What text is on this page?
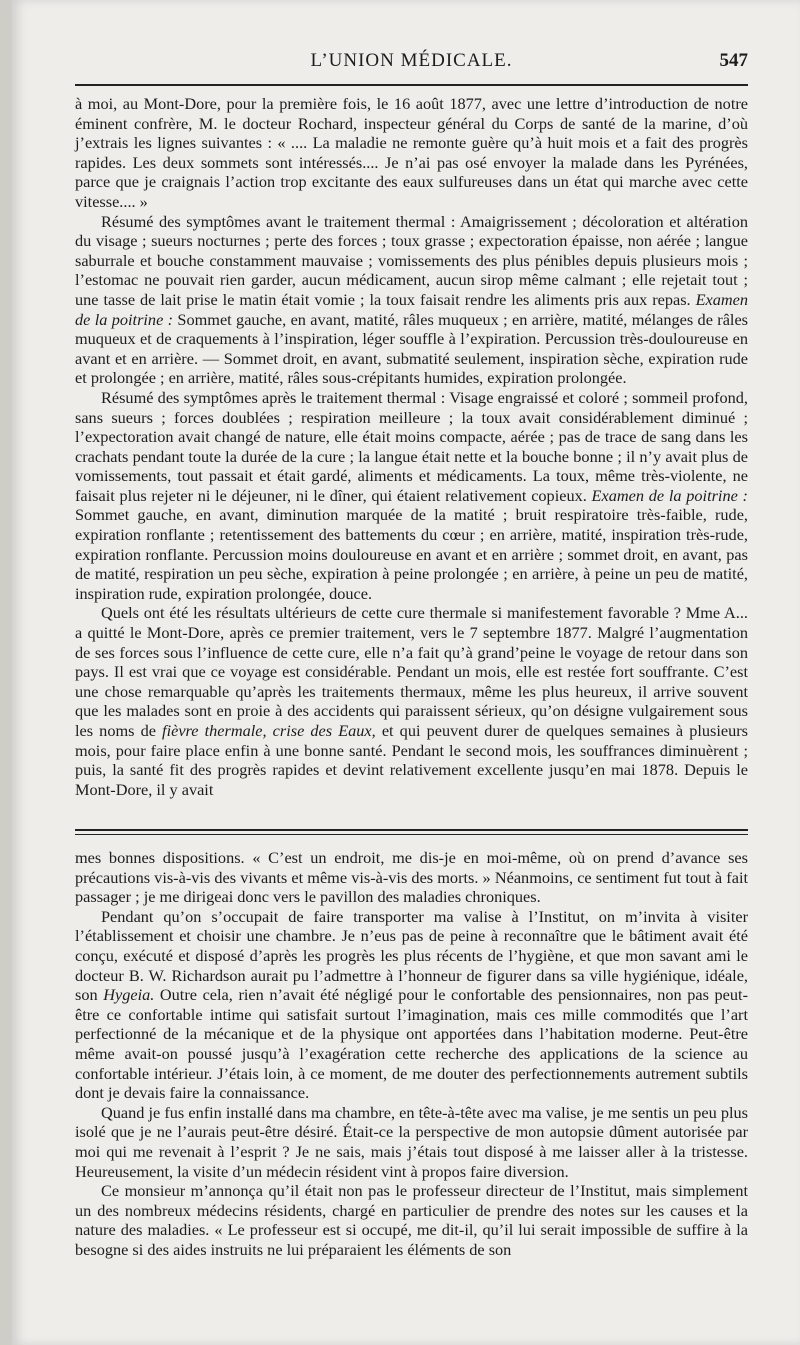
L’UNION MÉDICALE.	547

à moi, au Mont-Dore, pour la première fois, le 16 août 1877, avec une lettre d’introduction de notre éminent confrère, M. le docteur Rochard, inspecteur général du Corps de santé de la marine, d’où j’extrais les lignes suivantes : « .... La maladie ne remonte guère qu’à huit mois et a fait des progrès rapides. Les deux sommets sont intéressés.... Je n’ai pas osé envoyer la malade dans les Pyrénées, parce que je craignais l’action trop excitante des eaux sulfureuses dans un état qui marche avec cette vitesse.... »

Résumé des symptômes avant le traitement thermal : Amaigrissement ; décoloration et altération du visage ; sueurs nocturnes ; perte des forces ; toux grasse ; expectoration épaisse, non aérée ; langue saburrale et bouche constamment mauvaise ; vomissements des plus pénibles depuis plusieurs mois ; l’estomac ne pouvait rien garder, aucun médicament, aucun sirop même calmant ; elle rejetait tout ; une tasse de lait prise le matin était vomie ; la toux faisait rendre les aliments pris aux repas. Examen de la poitrine : Sommet gauche, en avant, matité, râles muqueux ; en arrière, matité, mélanges de râles muqueux et de craquements à l’inspiration, léger souffle à l’expiration. Percussion très-douloureuse en avant et en arrière. — Sommet droit, en avant, submatité seulement, inspiration sèche, expiration rude et prolongée ; en arrière, matité, râles sous-crépitants humides, expiration prolongée.

Résumé des symptômes après le traitement thermal : Visage engraissé et coloré ; sommeil profond, sans sueurs ; forces doublées ; respiration meilleure ; la toux avait considérablement diminué ; l’expectoration avait changé de nature, elle était moins compacte, aérée ; pas de trace de sang dans les crachats pendant toute la durée de la cure ; la langue était nette et la bouche bonne ; il n’y avait plus de vomissements, tout passait et était gardé, aliments et médicaments. La toux, même très-violente, ne faisait plus rejeter ni le déjeuner, ni le dîner, qui étaient relativement copieux. Examen de la poitrine : Sommet gauche, en avant, diminution marquée de la matité ; bruit respiratoire très-faible, rude, expiration ronflante ; retentissement des battements du cœur ; en arrière, matité, inspiration très-rude, expiration ronflante. Percussion moins douloureuse en avant et en arrière ; sommet droit, en avant, pas de matité, respiration un peu sèche, expiration à peine prolongée ; en arrière, à peine un peu de matité, inspiration rude, expiration prolongée, douce.

Quels ont été les résultats ultérieurs de cette cure thermale si manifestement favorable ? Mme A... a quitté le Mont-Dore, après ce premier traitement, vers le 7 septembre 1877. Malgré l’augmentation de ses forces sous l’influence de cette cure, elle n’a fait qu’à grand’peine le voyage de retour dans son pays. Il est vrai que ce voyage est considérable. Pendant un mois, elle est restée fort souffrante. C’est une chose remarquable qu’après les traitements thermaux, même les plus heureux, il arrive souvent que les malades sont en proie à des accidents qui paraissent sérieux, qu’on désigne vulgairement sous les noms de fièvre thermale, crise des Eaux, et qui peuvent durer de quelques semaines à plusieurs mois, pour faire place enfin à une bonne santé. Pendant le second mois, les souffrances diminuèrent ; puis, la santé fit des progrès rapides et devint relativement excellente jusqu’en mai 1878. Depuis le Mont-Dore, il y avait

mes bonnes dispositions. « C’est un endroit, me dis-je en moi-même, où on prend d’avance ses précautions vis-à-vis des vivants et même vis-à-vis des morts. » Néanmoins, ce sentiment fut tout à fait passager ; je me dirigeai donc vers le pavillon des maladies chroniques.

Pendant qu’on s’occupait de faire transporter ma valise à l’Institut, on m’invita à visiter l’établissement et choisir une chambre. Je n’eus pas de peine à reconnaître que le bâtiment avait été conçu, exécuté et disposé d’après les progrès les plus récents de l’hygiène, et que mon savant ami le docteur B. W. Richardson aurait pu l’admettre à l’honneur de figurer dans sa ville hygiénique, idéale, son Hygeia. Outre cela, rien n’avait été négligé pour le confortable des pensionnaires, non pas peut-être ce confortable intime qui satisfait surtout l’imagination, mais ces mille commodités que l’art perfectionné de la mécanique et de la physique ont apportées dans l’habitation moderne. Peut-être même avait-on poussé jusqu’à l’exagération cette recherche des applications de la science au confortable intérieur. J’étais loin, à ce moment, de me douter des perfectionnements autrement subtils dont je devais faire la connaissance.

Quand je fus enfin installé dans ma chambre, en tête-à-tête avec ma valise, je me sentis un peu plus isolé que je ne l’aurais peut-être désiré. Était-ce la perspective de mon autopsie dûment autorisée par moi qui me revenait à l’esprit ? Je ne sais, mais j’étais tout disposé à me laisser aller à la tristesse. Heureusement, la visite d’un médecin résident vint à propos faire diversion.

Ce monsieur m’annonça qu’il était non pas le professeur directeur de l’Institut, mais simplement un des nombreux médecins résidents, chargé en particulier de prendre des notes sur les causes et la nature des maladies. « Le professeur est si occupé, me dit-il, qu’il lui serait impossible de suffire à la besogne si des aides instruits ne lui préparaient les éléments de son
